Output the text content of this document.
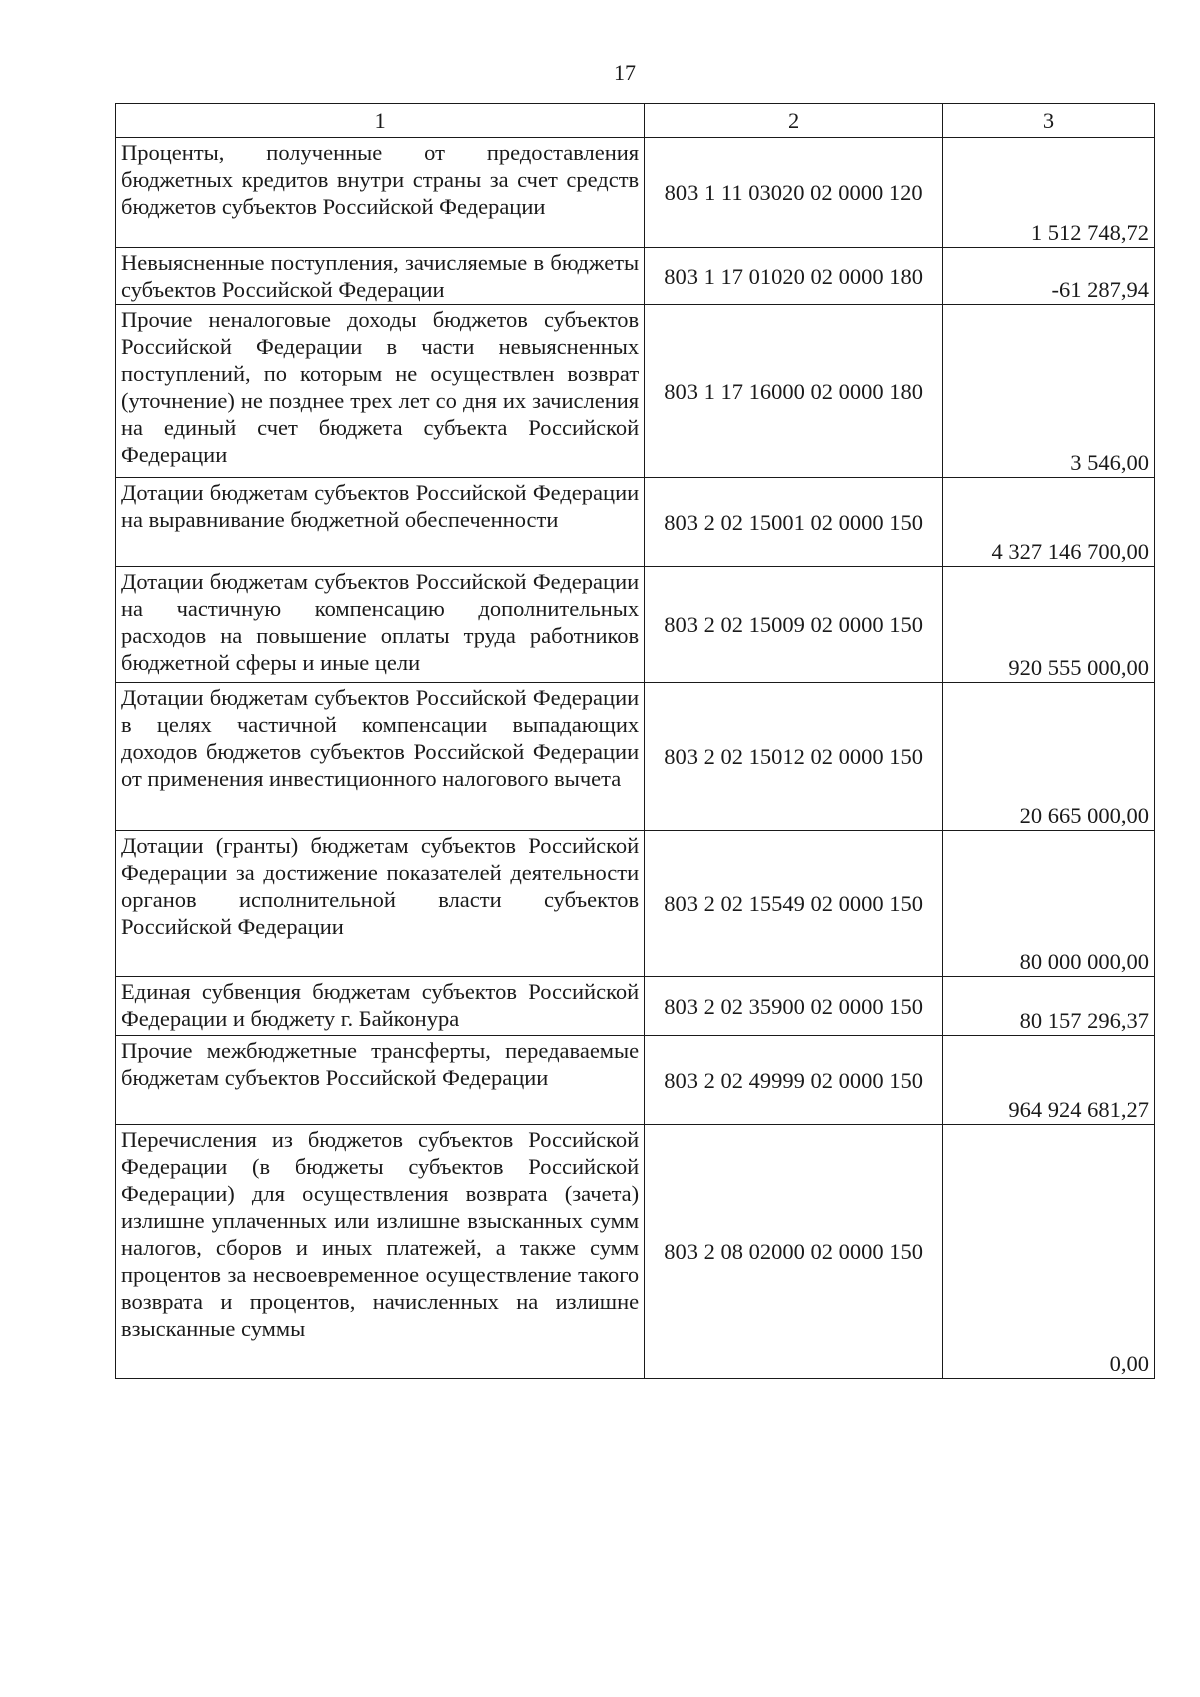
17
1	2	3
Проценты, полученные от предоставления бюджетных кредитов внутри страны за счет средств бюджетов субъектов Российской Федерации	803 1 11 03020 02 0000 120	1 512 748,72
Невыясненные поступления, зачисляемые в бюджеты субъектов Российской Федерации	803 1 17 01020 02 0000 180	-61 287,94
Прочие неналоговые доходы бюджетов субъектов Российской Федерации в части невыясненных поступлений, по которым не осуществлен возврат (уточнение) не позднее трех лет со дня их зачисления на единый счет бюджета субъекта Российской Федерации	803 1 17 16000 02 0000 180	3 546,00
Дотации бюджетам субъектов Российской Федерации на выравнивание бюджетной обеспеченности	803 2 02 15001 02 0000 150	4 327 146 700,00
Дотации бюджетам субъектов Российской Федерации на частичную компенсацию дополнительных расходов на повышение оплаты труда работников бюджетной сферы и иные цели	803 2 02 15009 02 0000 150	920 555 000,00
Дотации бюджетам субъектов Российской Федерации в целях частичной компенсации выпадающих доходов бюджетов субъектов Российской Федерации от применения инвестиционного налогового вычета	803 2 02 15012 02 0000 150	20 665 000,00
Дотации (гранты) бюджетам субъектов Российской Федерации за достижение показателей деятельности органов исполнительной власти субъектов Российской Федерации	803 2 02 15549 02 0000 150	80 000 000,00
Единая субвенция бюджетам субъектов Российской Федерации и бюджету г. Байконура	803 2 02 35900 02 0000 150	80 157 296,37
Прочие межбюджетные трансферты, передаваемые бюджетам субъектов Российской Федерации	803 2 02 49999 02 0000 150	964 924 681,27
Перечисления из бюджетов субъектов Российской Федерации (в бюджеты субъектов Российской Федерации) для осуществления возврата (зачета) излишне уплаченных или излишне взысканных сумм налогов, сборов и иных платежей, а также сумм процентов за несвоевременное осуществление такого возврата и процентов, начисленных на излишне взысканные суммы	803 2 08 02000 02 0000 150	0,00
